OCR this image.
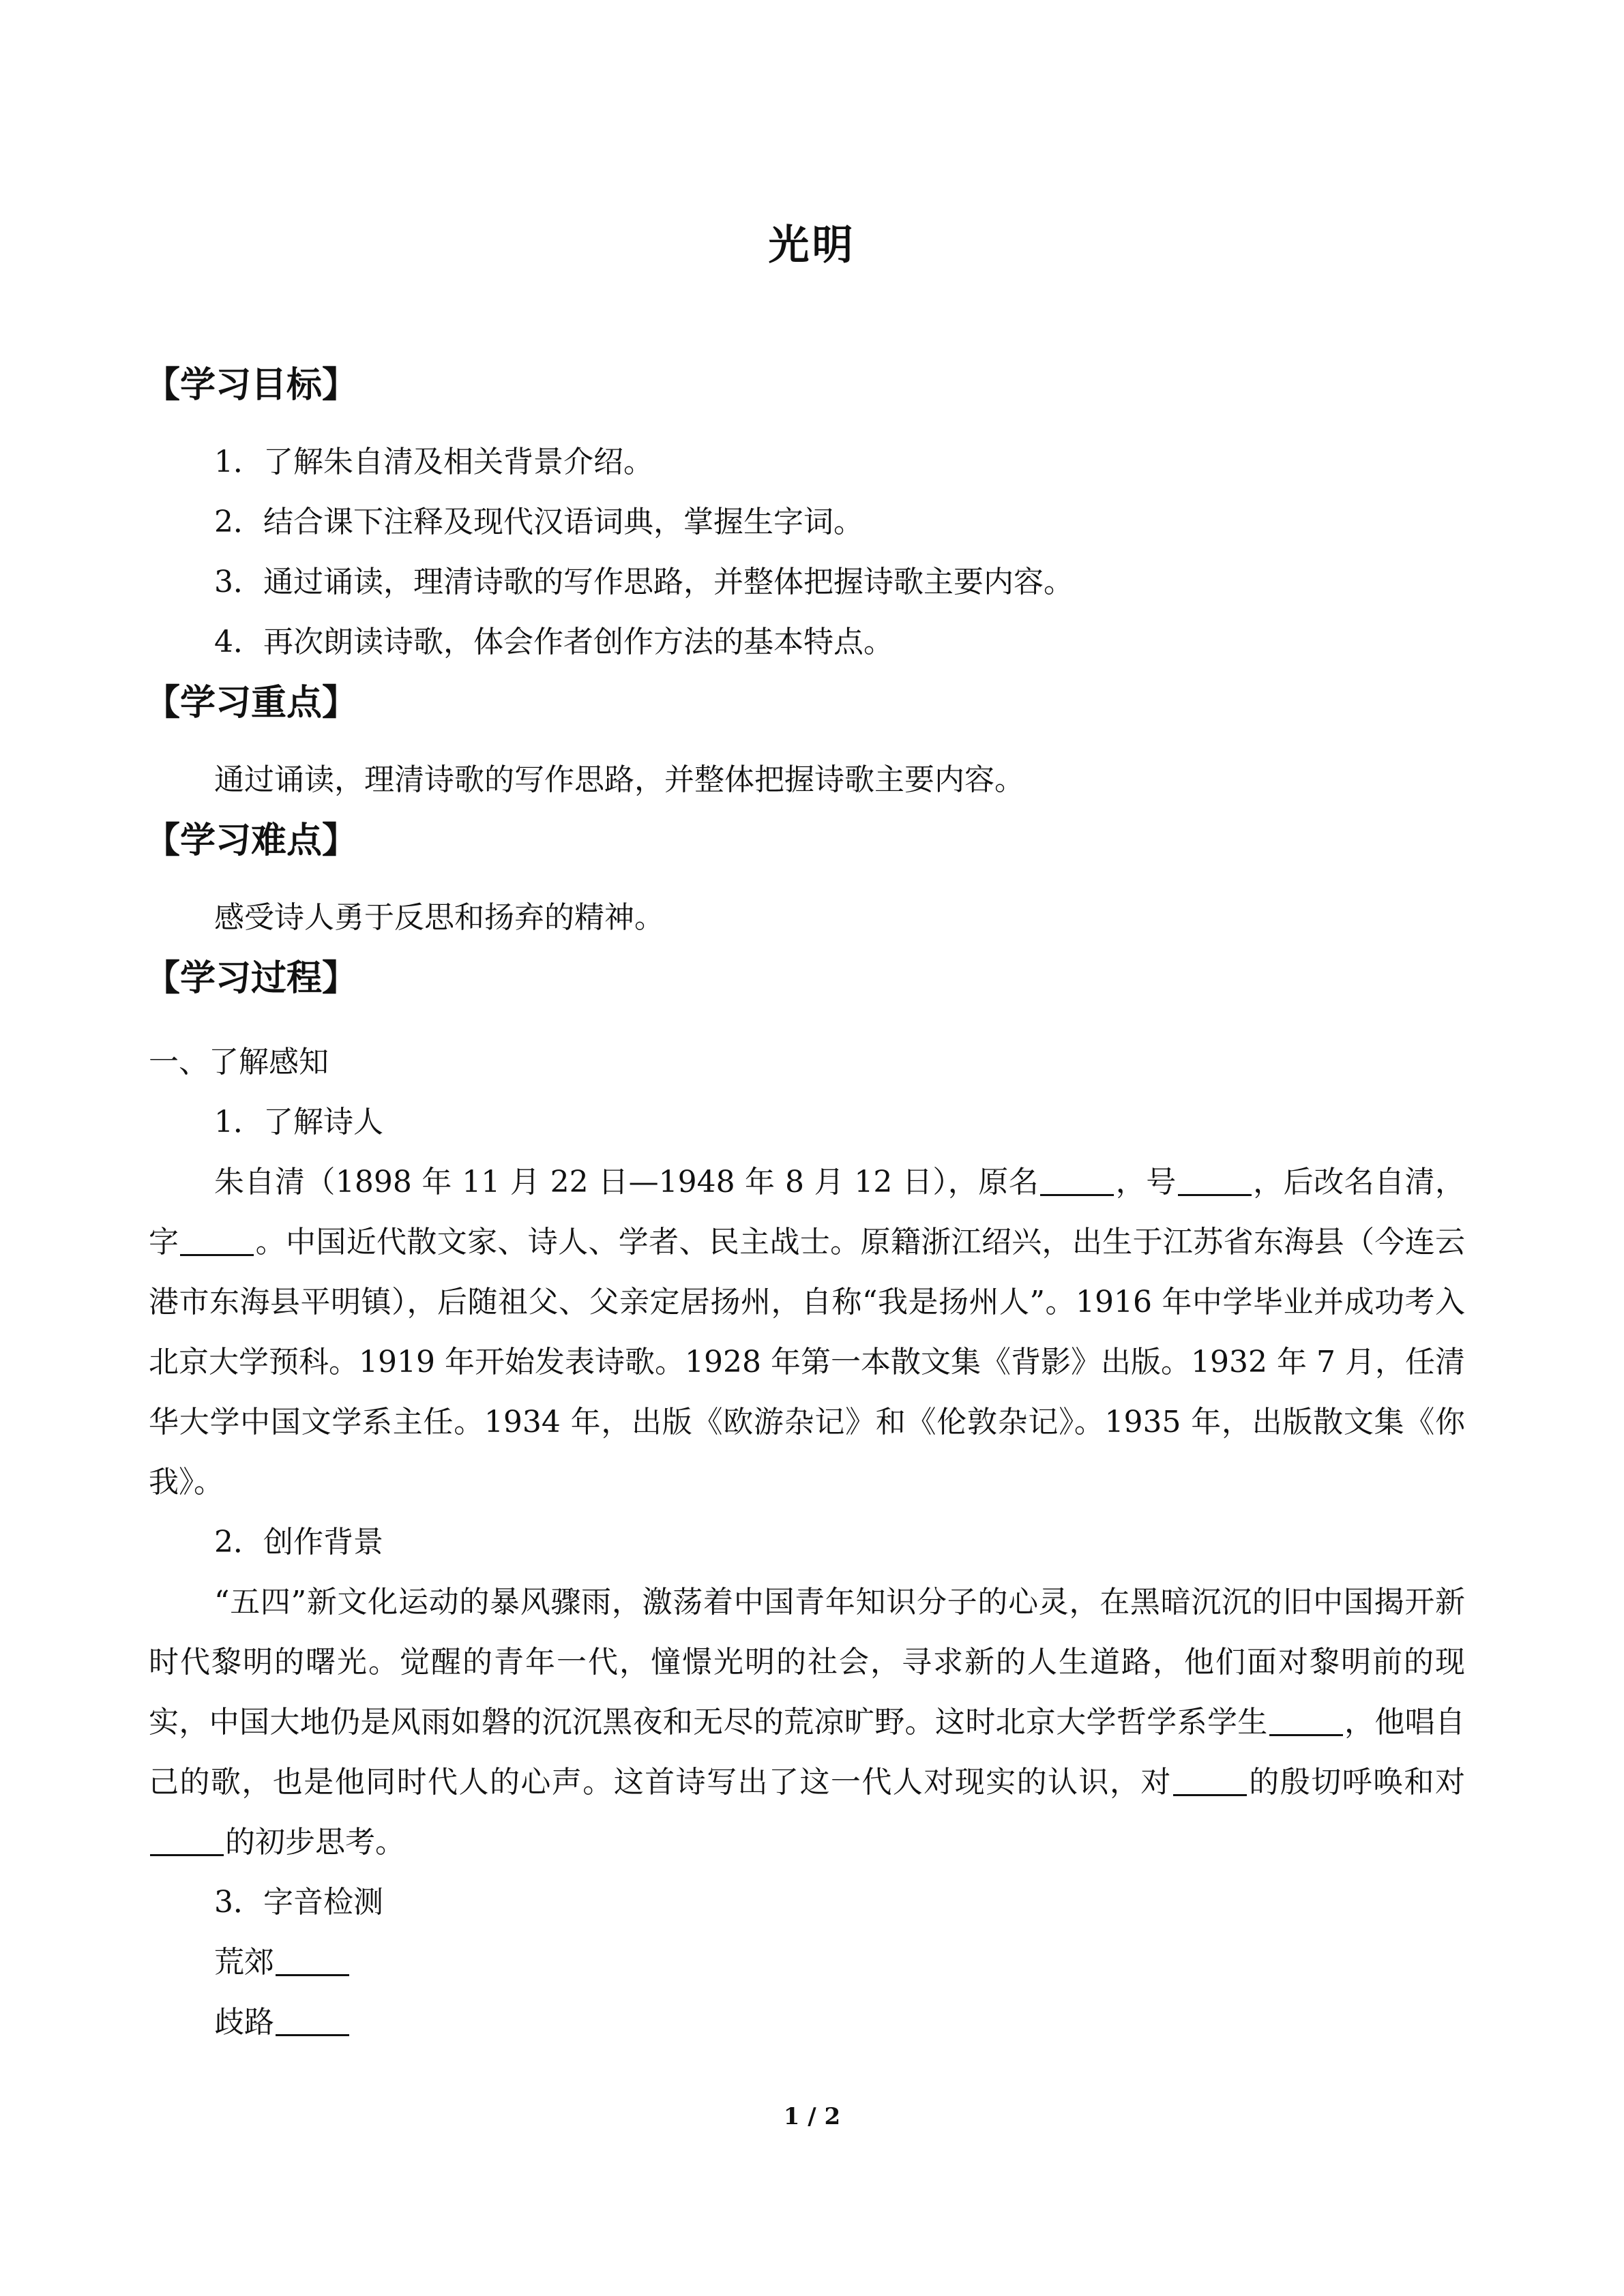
光明
【学习目标】
1．了解朱自清及相关背景介绍。
2．结合课下注释及现代汉语词典，掌握生字词。
3．通过诵读，理清诗歌的写作思路，并整体把握诗歌主要内容。
4．再次朗读诗歌，体会作者创作方法的基本特点。
【学习重点】
通过诵读，理清诗歌的写作思路，并整体把握诗歌主要内容。
【学习难点】
感受诗人勇于反思和扬弃的精神。
【学习过程】
一、了解感知
1．了解诗人
朱自清（1898 年 11 月 22 日—1948 年 8 月 12 日），原名	，号	，后改名自清，字	。中国近代散文家、诗人、学者、民主战士。原籍浙江绍兴，出生于江苏省东海县（今连云港市东海县平明镇），后随祖父、父亲定居扬州，自称“我是扬州人”。1916 年中学毕业并成功考入北京大学预科。1919 年开始发表诗歌。1928 年第一本散文集《背影》出版。1932 年 7 月，任清华大学中国文学系主任。1934 年，出版《欧游杂记》和《伦敦杂记》。1935 年，出版散文集《你我》。
2．创作背景
“五四”新文化运动的暴风骤雨，激荡着中国青年知识分子的心灵，在黑暗沉沉的旧中国揭开新时代黎明的曙光。觉醒的青年一代，憧憬光明的社会，寻求新的人生道路，他们面对黎明前的现实，中国大地仍是风雨如磐的沉沉黑夜和无尽的荒凉旷野。这时北京大学哲学系学生	，他唱自己的歌，也是他同时代人的心声。这首诗写出了这一代人对现实的认识，对	的殷切呼唤和对的初步思考。
3．字音检测
荒郊
歧路
1 / 2
